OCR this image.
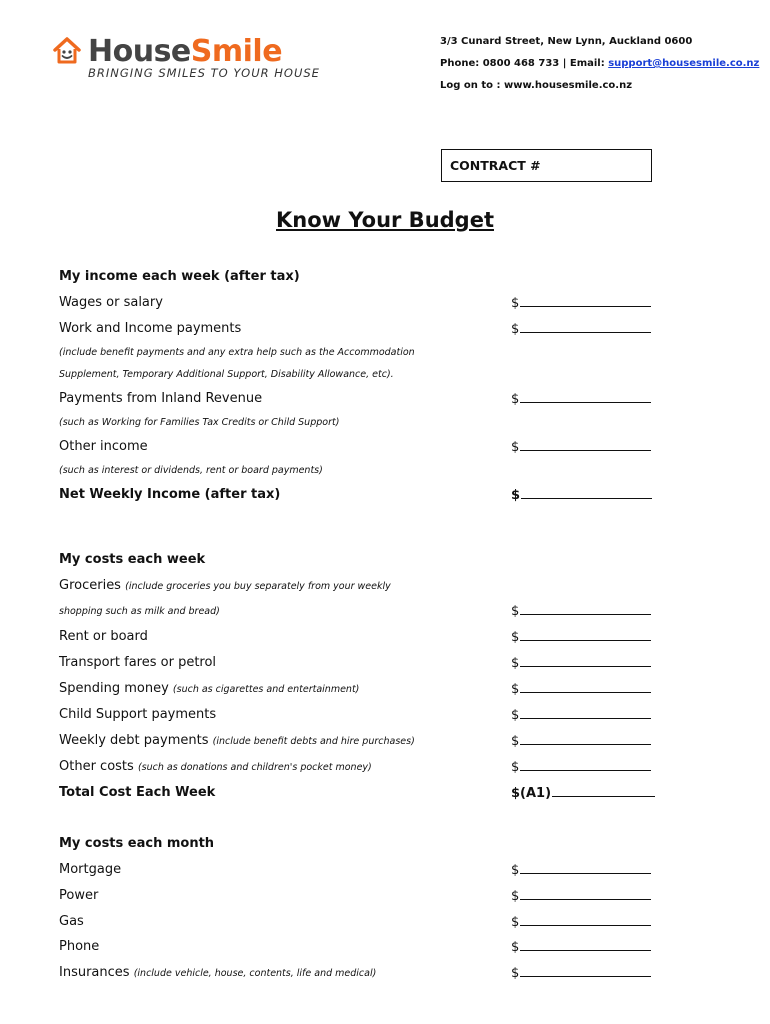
HouseSmile
BRINGING SMILES TO YOUR HOUSE
3/3 Cunard Street, New Lynn, Auckland 0600
Phone: 0800 468 733 | Email: support@housesmile.co.nz
Log on to : www.housesmile.co.nz
CONTRACT #
Know Your Budget
My income each week (after tax)
Wages or salary	$
Work and Income payments	$
(include benefit payments and any extra help such as the Accommodation
Supplement, Temporary Additional Support, Disability Allowance, etc).
Payments from Inland Revenue	$
(such as Working for Families Tax Credits or Child Support)
Other income	$
(such as interest or dividends, rent or board payments)
Net Weekly Income (after tax)	$
My costs each week
Groceries (include groceries you buy separately from your weekly
shopping such as milk and bread)	$
Rent or board	$
Transport fares or petrol	$
Spending money (such as cigarettes and entertainment)	$
Child Support payments	$
Weekly debt payments (include benefit debts and hire purchases)	$
Other costs (such as donations and children's pocket money)	$
Total Cost Each Week	$(A1)
My costs each month
Mortgage	$
Power	$
Gas	$
Phone	$
Insurances (include vehicle, house, contents, life and medical)	$
